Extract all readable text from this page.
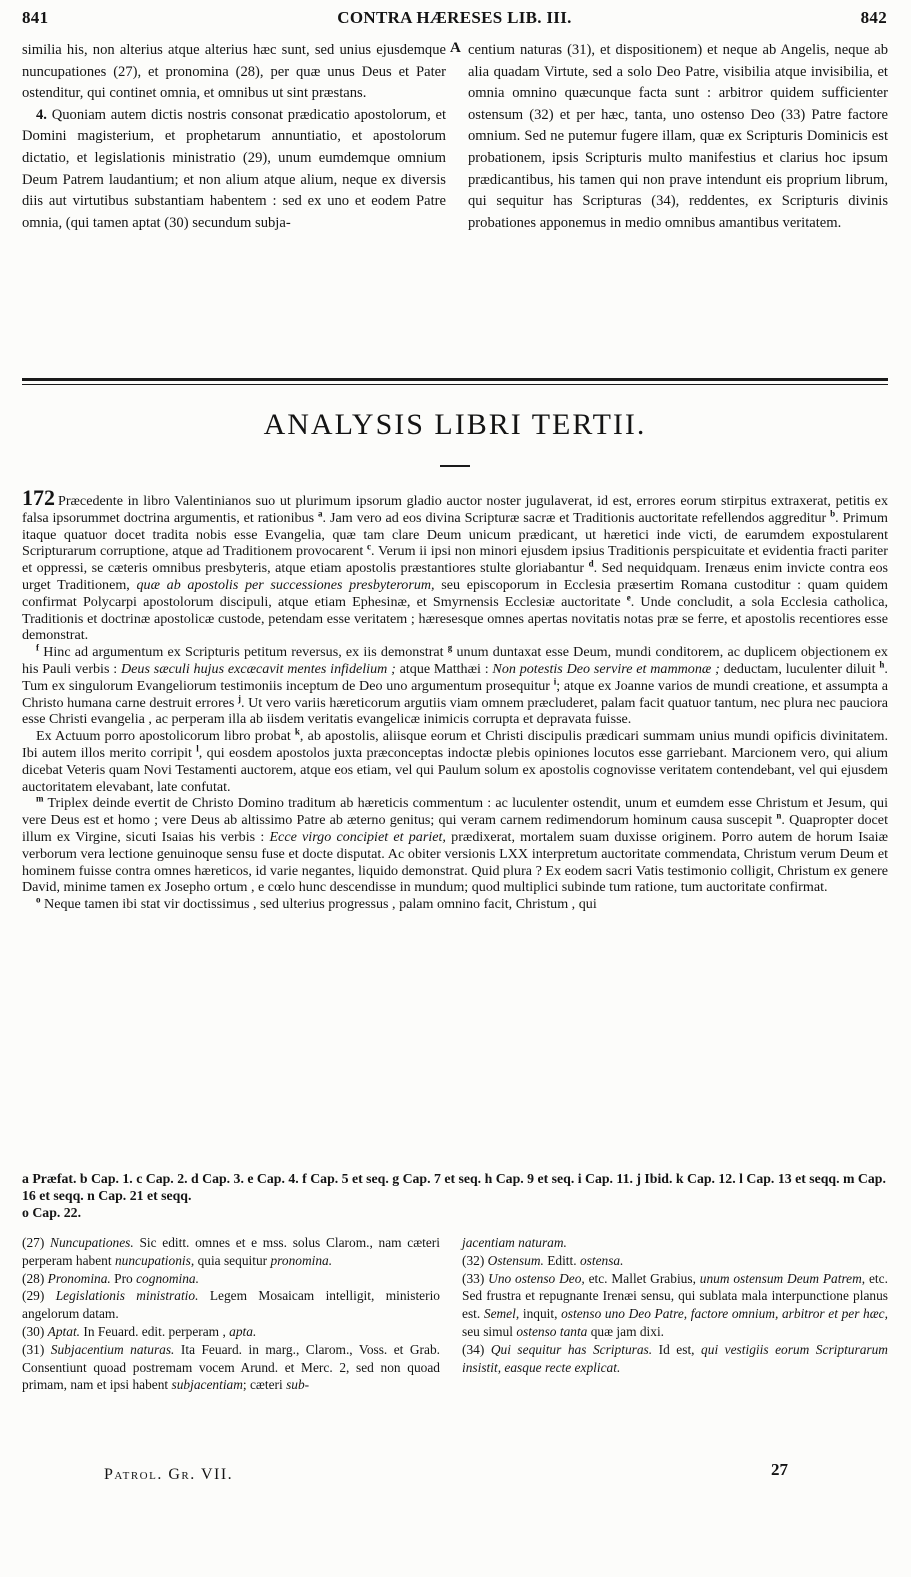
841	CONTRA HÆRESES LIB. III.	842

similia his, non alterius atque alterius hæc sunt, sed unius ejusdemque nuncupationes (27), et pronomina (28), per quæ unus Deus et Pater ostenditur, qui continet omnia, et omnibus ut sint præstans.

4. Quoniam autem dictis nostris consonat prædicatio apostolorum, et Domini magisterium, et prophetarum annuntiatio, et apostolorum dictatio, et legislationis ministratio (29), unum eumdemque omnium Deum Patrem laudantium; et non alium atque alium, neque ex diversis diis aut virtutibus substantiam habentem : sed ex uno et eodem Patre omnia, (qui tamen aptat (30) secundum subja-

A centium naturas (31), et dispositionem) et neque ab Angelis, neque ab alia quadam Virtute, sed a solo Deo Patre, visibilia atque invisibilia, et omnia omnino quæcunque facta sunt : arbitror quidem sufficienter ostensum (32) et per hæc, tanta, uno ostenso Deo (33) Patre factore omnium. Sed ne putemur fugere illam, quæ ex Scripturis Dominicis est probationem, ipsis Scripturis multo manifestius et clarius hoc ipsum prædicantibus, his tamen qui non prave intendunt eis proprium librum, qui sequitur has Scripturas (34), reddentes, ex Scripturis divinis probationes apponemus in medio omnibus amantibus veritatem.

ANALYSIS LIBRI TERTII.

172 Præcedente in libro Valentinianos suo ut plurimum ipsorum gladio auctor noster jugulaverat, id est, errores eorum stirpitus extraxerat, petitis ex falsa ipsorummet doctrina argumentis, et rationibus $^a$. Jam vero ad eos divina Scripturæ sacræ et Traditionis auctoritate refellendos aggreditur $^b$. Primum itaque quatuor docet tradita nobis esse Evangelia, quæ tam clare Deum unicum prædicant, ut hæretici inde victi, de earumdem expostularent Scripturarum corruptione, atque ad Traditionem provocarent $^c$. Verum ii ipsi non minori ejusdem ipsius Traditionis perspicuitate et evidentia fracti pariter et oppressi, se cæteris omnibus presbyteris, atque etiam apostolis præstantiores stulte gloriabantur $^d$. Sed nequidquam. Irenæus enim invicte contra eos urget Traditionem, quæ ab apostolis per successiones presbyterorum, seu episcoporum in Ecclesia præsertim Romana custoditur : quam quidem confirmat Polycarpi apostolorum discipuli, atque etiam Ephesinæ, et Smyrnensis Ecclesiæ auctoritate $^e$. Unde concludit, a sola Ecclesia catholica, Traditionis et doctrinæ apostolicæ custode, petendam esse veritatem ; hæresesque omnes apertas novitatis notas præ se ferre, et apostolis recentiores esse demonstrat.

$^f$ Hinc ad argumentum ex Scripturis petitum reversus, ex iis demonstrat $^g$ unum duntaxat esse Deum, mundi conditorem, ac duplicem objectionem ex his Pauli verbis : Deus sæculi hujus excæcavit mentes infidelium ; atque Matthæi : Non potestis Deo servire et mammonæ ; deductam, luculenter diluit $^h$. Tum ex singulorum Evangeliorum testimoniis inceptum de Deo uno argumentum prosequitur $^i$; atque ex Joanne varios de mundi creatione, et assumpta a Christo humana carne destruit errores $^j$. Ut vero variis hæreticorum argutiis viam omnem præcluderet, palam facit quatuor tantum, nec plura nec pauciora esse Christi evangelia , ac perperam illa ab iisdem veritatis evangelicæ inimicis corrupta et depravata fuisse.

Ex Actuum porro apostolicorum libro probat $^k$, ab apostolis, aliisque eorum et Christi discipulis prædicari summam unius mundi opificis divinitatem. Ibi autem illos merito corripit $^l$, qui eosdem apostolos juxta præconceptas indoctæ plebis opiniones locutos esse garriebant. Marcionem vero, qui alium dicebat Veteris quam Novi Testamenti auctorem, atque eos etiam, vel qui Paulum solum ex apostolis cognovisse veritatem contendebant, vel qui ejusdem auctoritatem elevabant, late confutat.

$^m$ Triplex deinde evertit de Christo Domino traditum ab hæreticis commentum : ac luculenter ostendit, unum et eumdem esse Christum et Jesum, qui vere Deus est et homo ; vere Deus ab altissimo Patre ab æterno genitus; qui veram carnem redimendorum hominum causa suscepit $^n$. Quapropter docet illum ex Virgine, sicuti Isaias his verbis : Ecce virgo concipiet et pariet, prædixerat, mortalem suam duxisse originem. Porro autem de horum Isaiæ verborum vera lectione genuinoque sensu fuse et docte disputat. Ac obiter versionis LXX interpretum auctoritate commendata, Christum verum Deum et hominem fuisse contra omnes hæreticos, id varie negantes, liquido demonstrat. Quid plura ? Ex eodem sacri Vatis testimonio colligit, Christum ex genere David, minime tamen ex Josepho ortum , e cœlo hunc descendisse in mundum; quod multiplici subinde tum ratione, tum auctoritate confirmat.

$^o$ Neque tamen ibi stat vir doctissimus , sed ulterius progressus , palam omnino facit, Christum , qui

a Præfat. b Cap. 1. c Cap. 2. d Cap. 3. e Cap. 4. f Cap. 5 et seq. g Cap. 7 et seq. h Cap. 9 et seq. i Cap. 11. j Ibid. k Cap. 12. l Cap. 13 et seqq. m Cap. 16 et seqq. n Cap. 21 et seqq.

o Cap. 22.

(27) Nuncupationes. Sic editt. omnes et e mss. solus Clarom., nam cæteri perperam habent nuncupationis, quia sequitur pronomina.

(28) Pronomina. Pro cognomina.

(29) Legislationis ministratio. Legem Mosaicam intelligit, ministerio angelorum datam.

(30) Aptat. In Feuard. edit. perperam , apta.

(31) Subjacentium naturas. Ita Feuard. in marg., Clarom., Voss. et Grab. Consentiunt quoad postremam vocem Arund. et Merc. 2, sed non quoad primam, nam et ipsi habent subjacentiam; cæteri sub-

jacentiam naturam.

(32) Ostensum. Editt. ostensa.

(33) Uno ostenso Deo, etc. Mallet Grabius, unum ostensum Deum Patrem, etc. Sed frustra et repugnante Irenæi sensu, qui sublata mala interpunctione planus est. Semel, inquit, ostenso uno Deo Patre, factore omnium, arbitror et per hæc, seu simul ostenso tanta quæ jam dixi.

(34) Qui sequitur has Scripturas. Id est, qui vestigiis eorum Scripturarum insistit, easque recte explicat.

Patrol. Gr. VII.	27
